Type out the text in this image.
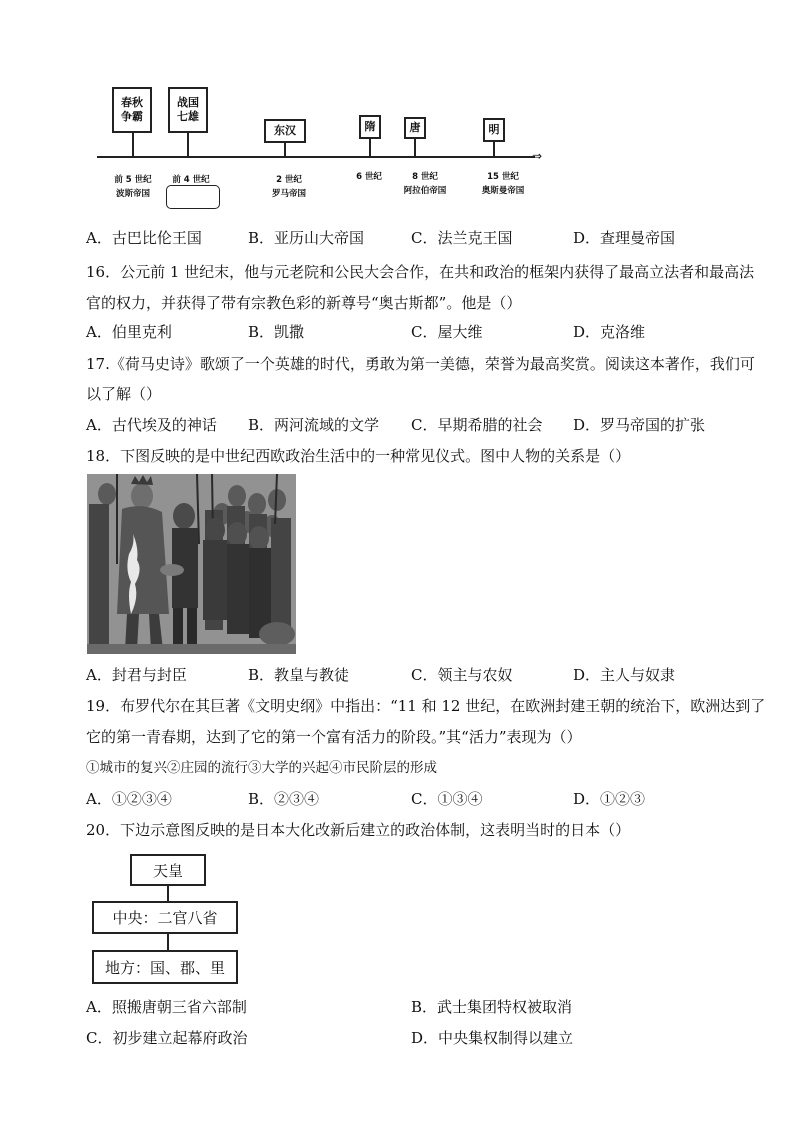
⇒
春秋
争霸
战国
七雄
东汉	隋	唐	明
前 5 世纪
波斯帝国
前 4 世纪	2 世纪
罗马帝国
6 世纪	8 世纪
阿拉伯帝国
15 世纪
奥斯曼帝国
A．古巴比伦王国	B．亚历山大帝国	C．法兰克王国	D．查理曼帝国
16．公元前 1 世纪末，他与元老院和公民大会合作，在共和政治的框架内获得了最高立法者和最高法
官的权力，并获得了带有宗教色彩的新尊号“奥古斯都”。他是（）
A．伯里克利	B．凯撒	C．屋大维	D．克洛维
17.《荷马史诗》歌颂了一个英雄的时代，勇敢为第一美德，荣誉为最高奖赏。阅读这本著作，我们可
以了解（）
A．古代埃及的神话 B．两河流域的文学 C．早期希腊的社会 D．罗马帝国的扩张
18．下图反映的是中世纪西欧政治生活中的一种常见仪式。图中人物的关系是（）
A．封君与封臣	B．教皇与教徒	C．领主与农奴	D．主人与奴隶
19．布罗代尔在其巨著《文明史纲》中指出：“11 和 12 世纪，在欧洲封建王朝的统治下，欧洲达到了
它的第一青春期，达到了它的第一个富有活力的阶段。”其“活力”表现为（）
①城市的复兴②庄园的流行③大学的兴起④市民阶层的形成
A．①②③④	B．②③④	C．①③④	D．①②③
20．下边示意图反映的是日本大化改新后建立的政治体制，这表明当时的日本（）
天皇
中央：二官八省
地方：国、郡、里
A．照搬唐朝三省六部制	B．武士集团特权被取消
C．初步建立起幕府政治	D．中央集权制得以建立
